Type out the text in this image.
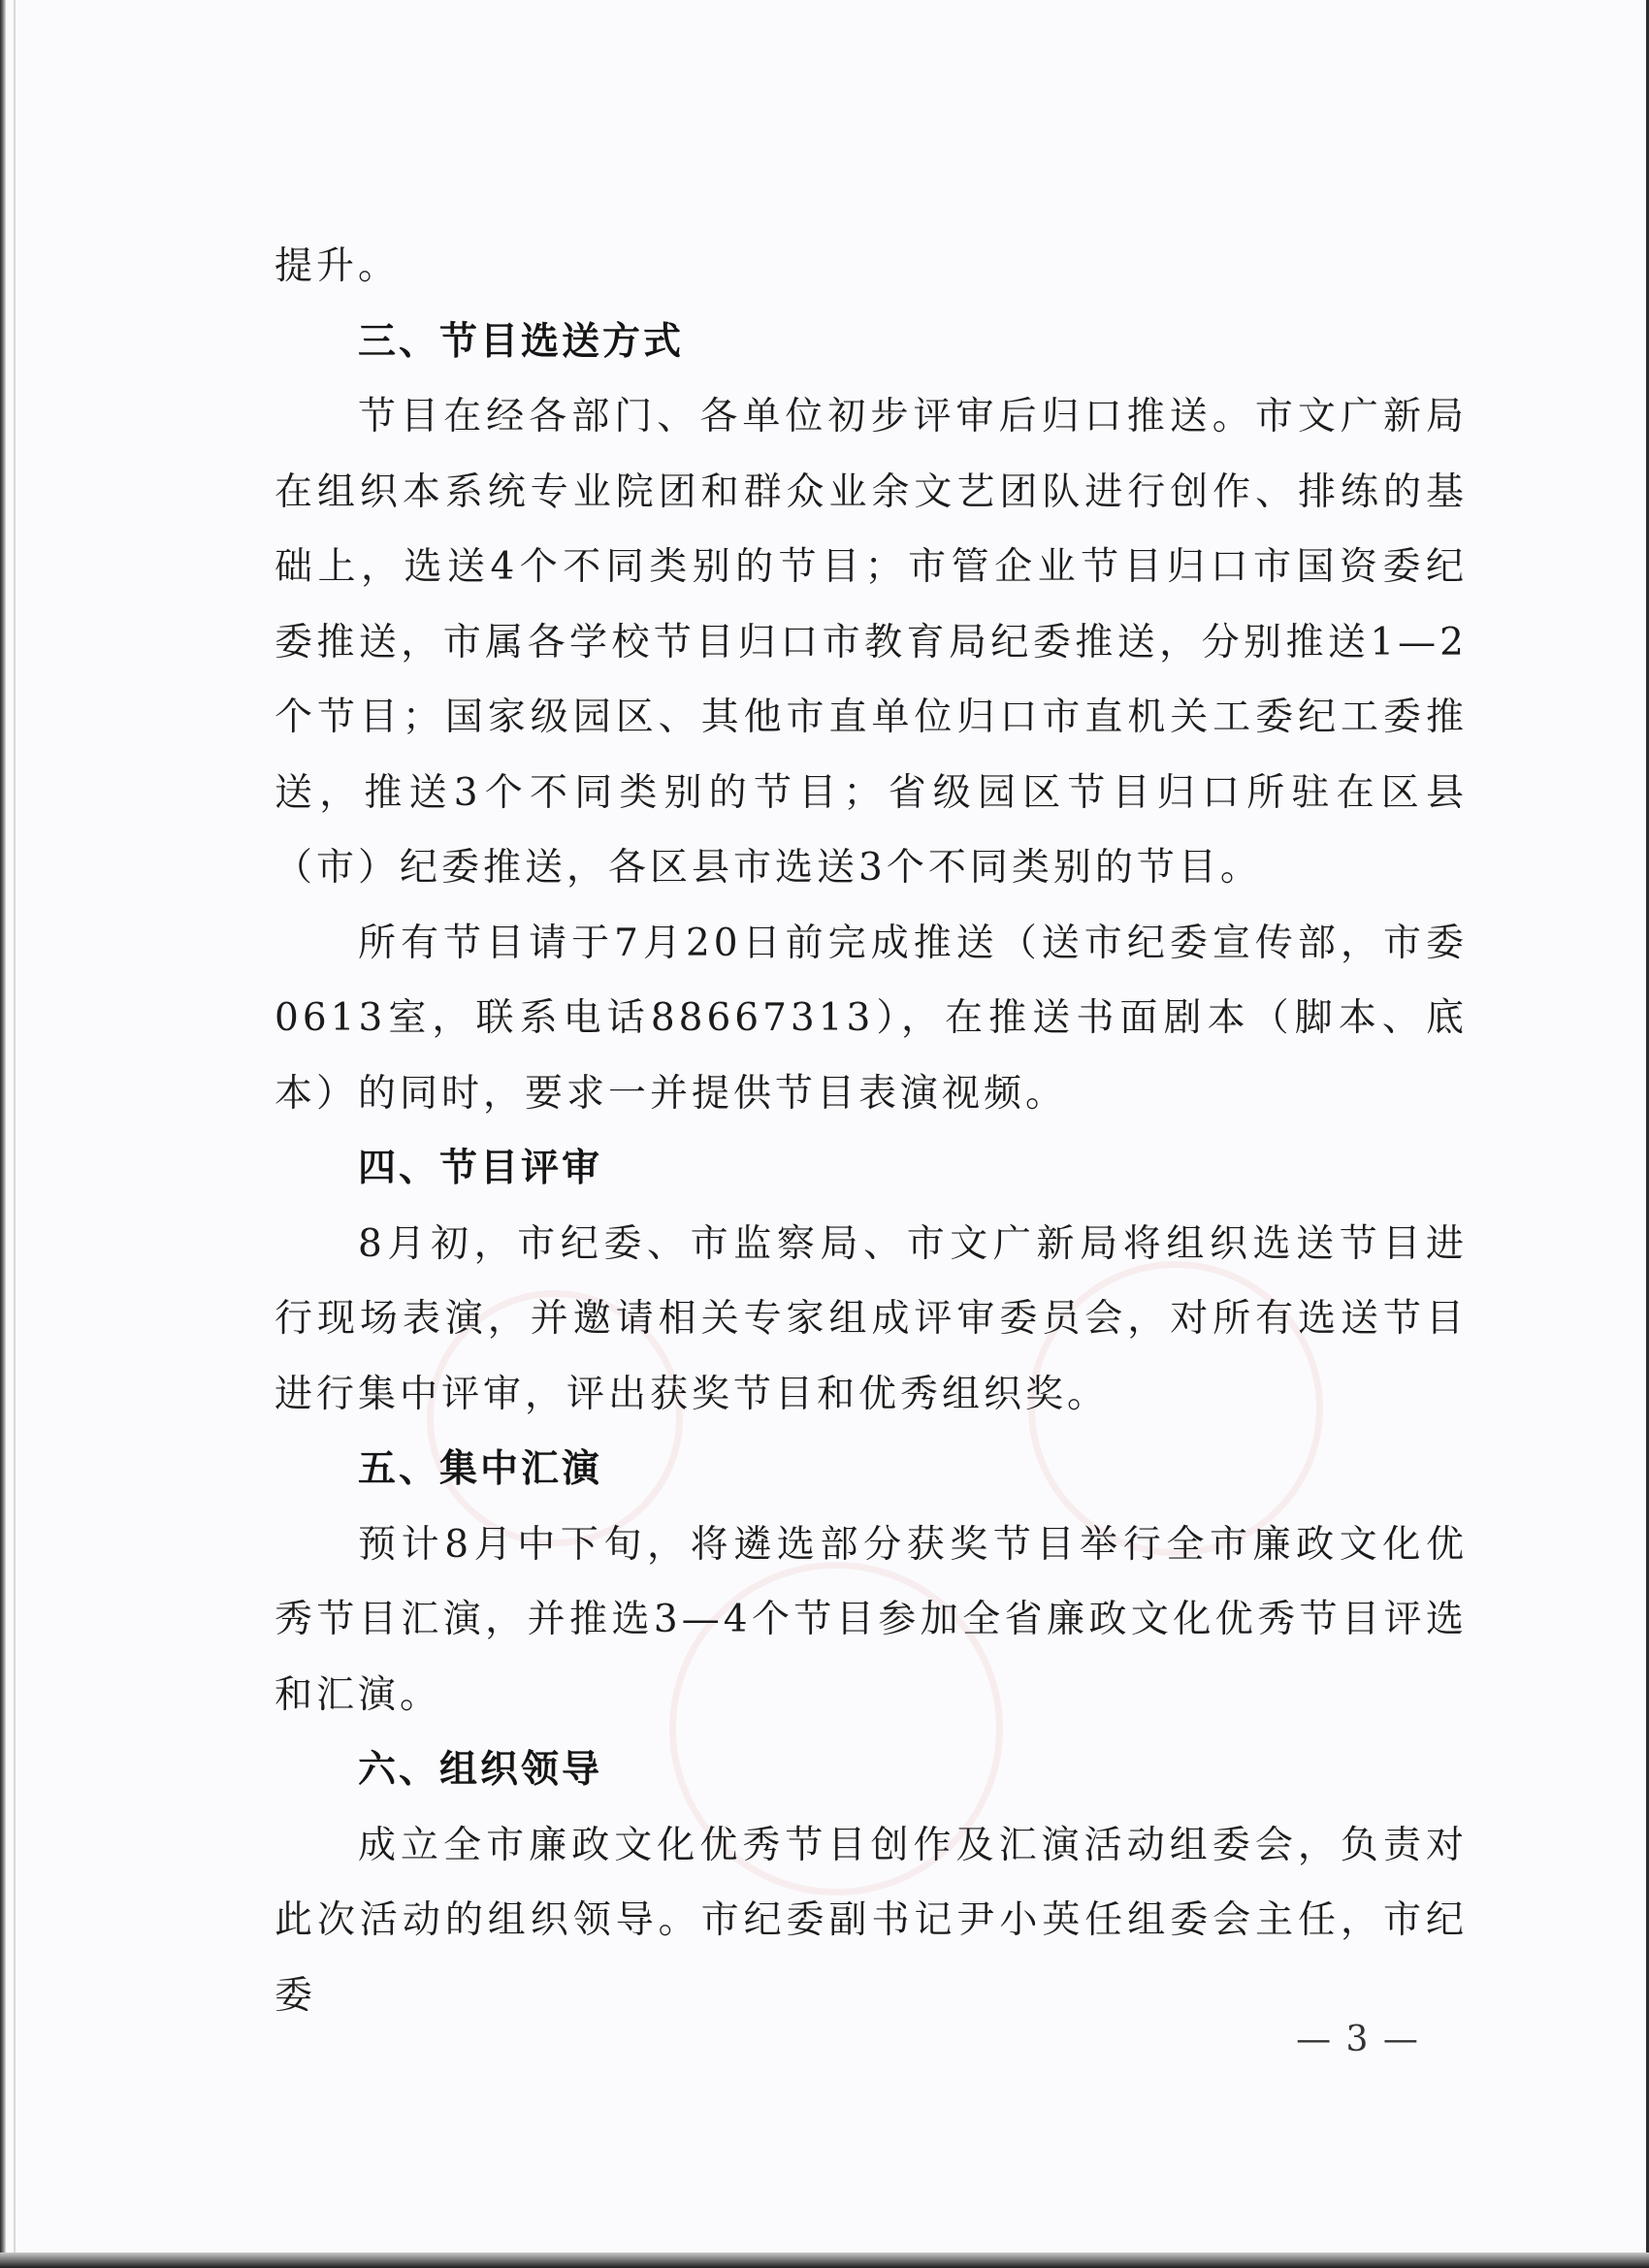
提升。

三、节目选送方式

节目在经各部门、各单位初步评审后归口推送。市文广新局在组织本系统专业院团和群众业余文艺团队进行创作、排练的基础上，选送4个不同类别的节目；市管企业节目归口市国资委纪委推送，市属各学校节目归口市教育局纪委推送，分别推送1—2个节目；国家级园区、其他市直单位归口市直机关工委纪工委推送，推送3个不同类别的节目；省级园区节目归口所驻在区县（市）纪委推送，各区县市选送3个不同类别的节目。

所有节目请于7月20日前完成推送（送市纪委宣传部，市委0613室，联系电话88667313），在推送书面剧本（脚本、底本）的同时，要求一并提供节目表演视频。

四、节目评审

8月初，市纪委、市监察局、市文广新局将组织选送节目进行现场表演，并邀请相关专家组成评审委员会，对所有选送节目进行集中评审，评出获奖节目和优秀组织奖。

五、集中汇演

预计8月中下旬，将遴选部分获奖节目举行全市廉政文化优秀节目汇演，并推选3—4个节目参加全省廉政文化优秀节目评选和汇演。

六、组织领导

成立全市廉政文化优秀节目创作及汇演活动组委会，负责对此次活动的组织领导。市纪委副书记尹小英任组委会主任，市纪委

— 3 —
